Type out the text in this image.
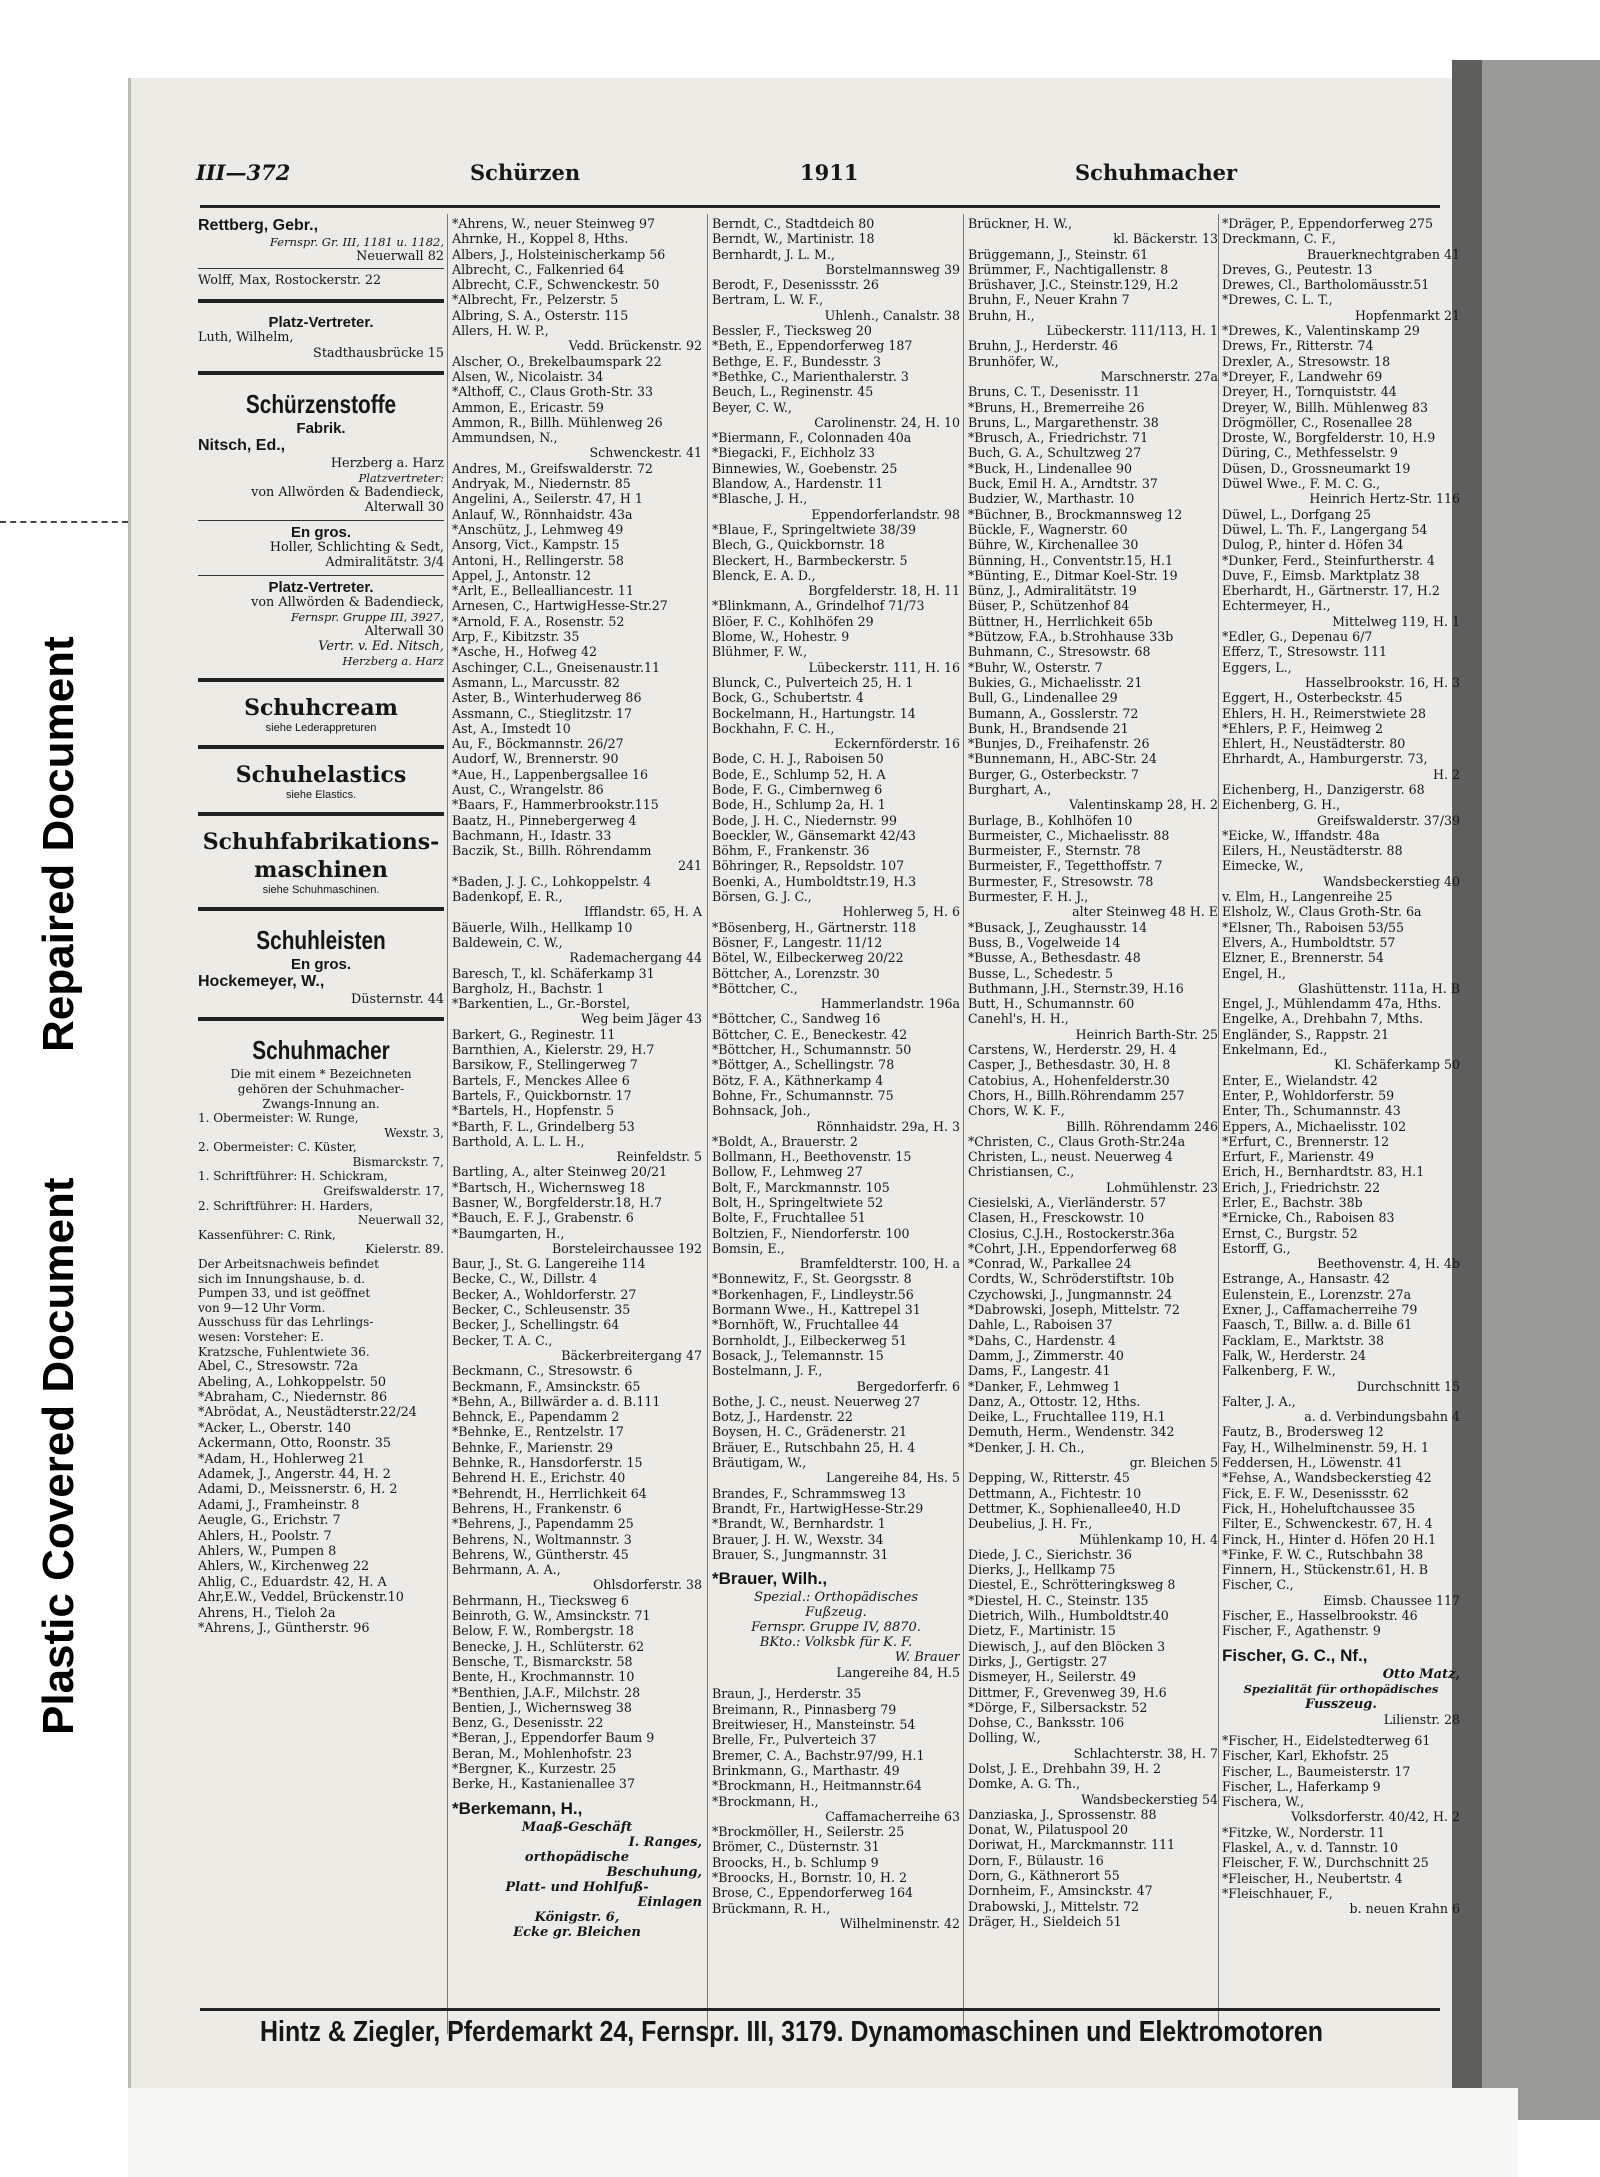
Repaired Document
Plastic Covered Document
III—372	Schürzen	1911	Schuhmacher
Rettberg, Gebr.,
Fernspr. Gr. III, 1181 u. 1182,
Neuerwall 82
Wolff, Max, Rostockerstr. 22
Platz-Vertreter.
Luth, Wilhelm,
Stadthausbrücke 15
Schürzenstoffe
Fabrik.
Nitsch, Ed.,
Herzberg a. Harz
Platzvertreter:
von Allwörden & Badendieck,
Alterwall 30
En gros.
Holler, Schlichting & Sedt,
Admiralitätstr. 3/4
Platz-Vertreter.
von Allwörden & Badendieck,
Fernspr. Gruppe III, 3927,
Alterwall 30
Vertr. v. Ed. Nitsch,
Herzberg a. Harz
Schuhcream
siehe Lederappreturen
Schuhelastics
siehe Elastics.
Schuhfabrikations-
maschinen
siehe Schuhmaschinen.
Schuhleisten
En gros.
Hockemeyer, W.,
Düsternstr. 44
Schuhmacher
Die mit einem * Bezeichneten
gehören der Schuhmacher-
Zwangs-Innung an.
1. Obermeister: W. Runge,
Wexstr. 3,
2. Obermeister: C. Küster,
Bismarckstr. 7,
1. Schriftführer: H. Schickram,
Greifswalderstr. 17,
2. Schriftführer: H. Harders,
Neuerwall 32,
Kassenführer: C. Rink,
Kielerstr. 89.
Der Arbeitsnachweis befindet
sich im Innungshause, b. d.
Pumpen 33, und ist geöffnet
von 9—12 Uhr Vorm.
Ausschuss für das Lehrlings-
wesen: Vorsteher: E.
Kratzsche, Fuhlentwiete 36.
Abel, C., Stresowstr. 72a
Abeling, A., Lohkoppelstr. 50
*Abraham, C., Niedernstr. 86
*Abrödat, A., Neustädterstr.22/24
*Acker, L., Oberstr. 140
Ackermann, Otto, Roonstr. 35
*Adam, H., Hohlerweg 21
Adamek, J., Angerstr. 44, H. 2
Adami, D., Meissnerstr. 6, H. 2
Adami, J., Framheinstr. 8
Aeugle, G., Erichstr. 7
Ahlers, H., Poolstr. 7
Ahlers, W., Pumpen 8
Ahlers, W., Kirchenweg 22
Ahlig, C., Eduardstr. 42, H. A
Ahr,E.W., Veddel, Brückenstr.10
Ahrens, H., Tieloh 2a
*Ahrens, J., Güntherstr. 96
*Ahrens, W., neuer Steinweg 97
Ahrnke, H., Koppel 8, Hths.
Albers, J., Holsteinischerkamp 56
Albrecht, C., Falkenried 64
Albrecht, C.F., Schwenckestr. 50
*Albrecht, Fr., Pelzerstr. 5
Albring, S. A., Osterstr. 115
Allers, H. W. P.,
Vedd. Brückenstr. 92
Alscher, O., Brekelbaumspark 22
Alsen, W., Nicolaistr. 34
*Althoff, C., Claus Groth-Str. 33
Ammon, E., Ericastr. 59
Ammon, R., Billh. Mühlenweg 26
Ammundsen, N.,
Schwenckestr. 41
Andres, M., Greifswalderstr. 72
Andryak, M., Niedernstr. 85
Angelini, A., Seilerstr. 47, H 1
Anlauf, W., Rönnhaidstr. 43a
*Anschütz, J., Lehmweg 49
Ansorg, Vict., Kampstr. 15
Antoni, H., Rellingerstr. 58
Appel, J., Antonstr. 12
*Arlt, E., Bellealliancestr. 11
Arnesen, C., HartwigHesse-Str.27
*Arnold, F. A., Rosenstr. 52
Arp, F., Kibitzstr. 35
*Asche, H., Hofweg 42
Aschinger, C.L., Gneisenaustr.11
Asmann, L., Marcusstr. 82
Aster, B., Winterhuderweg 86
Assmann, C., Stieglitzstr. 17
Ast, A., Imstedt 10
Au, F., Böckmannstr. 26/27
Audorf, W., Brennerstr. 90
*Aue, H., Lappenbergsallee 16
Aust, C., Wrangelstr. 86
*Baars, F., Hammerbrookstr.115
Baatz, H., Pinnebergerweg 4
Bachmann, H., Idastr. 33
Baczik, St., Billh. Röhrendamm
241
*Baden, J. J. C., Lohkoppelstr. 4
Badenkopf, E. R.,
Ifflandstr. 65, H. A
Bäuerle, Wilh., Hellkamp 10
Baldewein, C. W.,
Rademachergang 44
Baresch, T., kl. Schäferkamp 31
Bargholz, H., Bachstr. 1
*Barkentien, L., Gr.-Borstel,
Weg beim Jäger 43
Barkert, G., Reginestr. 11
Barnthien, A., Kielerstr. 29, H.7
Barsikow, F., Stellingerweg 7
Bartels, F., Menckes Allee 6
Bartels, F., Quickbornstr. 17
*Bartels, H., Hopfenstr. 5
*Barth, F. L., Grindelberg 53
Barthold, A. L. L. H.,
Reinfeldstr. 5
Bartling, A., alter Steinweg 20/21
*Bartsch, H., Wichernsweg 18
Basner, W., Borgfelderstr.18, H.7
*Bauch, E. F. J., Grabenstr. 6
*Baumgarten, H.,
Borsteleirchaussee 192
Baur, J., St. G. Langereihe 114
Becke, C., W., Dillstr. 4
Becker, A., Wohldorferstr. 27
Becker, C., Schleusenstr. 35
Becker, J., Schellingstr. 64
Becker, T. A. C.,
Bäckerbreitergang 47
Beckmann, C., Stresowstr. 6
Beckmann, F., Amsinckstr. 65
*Behn, A., Billwärder a. d. B.111
Behnck, E., Papendamm 2
*Behnke, E., Rentzelstr. 17
Behnke, F., Marienstr. 29
Behnke, R., Hansdorferstr. 15
Behrend H. E., Erichstr. 40
*Behrendt, H., Herrlichkeit 64
Behrens, H., Frankenstr. 6
*Behrens, J., Papendamm 25
Behrens, N., Woltmannstr. 3
Behrens, W., Güntherstr. 45
Behrmann, A. A.,
Ohlsdorferstr. 38
Behrmann, H., Tiecksweg 6
Beinroth, G. W., Amsinckstr. 71
Below, F. W., Rombergstr. 18
Benecke, J. H., Schlüterstr. 62
Bensche, T., Bismarckstr. 58
Bente, H., Krochmannstr. 10
*Benthien, J.A.F., Milchstr. 28
Bentien, J., Wichernsweg 38
Benz, G., Desenisstr. 22
*Beran, J., Eppendorfer Baum 9
Beran, M., Mohlenhofstr. 23
*Bergner, K., Kurzestr. 25
Berke, H., Kastanienallee 37
*Berkemann, H.,
Maaß-Geschäft
I. Ranges,
orthopädische
Beschuhung,
Platt- und Hohlfuß-
Einlagen
Königstr. 6,
Ecke gr. Bleichen
Berndt, C., Stadtdeich 80
Berndt, W., Martinistr. 18
Bernhardt, J. L. M.,
Borstelmannsweg 39
Berodt, F., Desenissstr. 26
Bertram, L. W. F.,
Uhlenh., Canalstr. 38
Bessler, F., Tiecksweg 20
*Beth, E., Eppendorferweg 187
Bethge, E. F., Bundesstr. 3
*Bethke, C., Marienthalerstr. 3
Beuch, L., Reginenstr. 45
Beyer, C. W.,
Carolinenstr. 24, H. 10
*Biermann, F., Colonnaden 40a
*Biegacki, F., Eichholz 33
Binnewies, W., Goebenstr. 25
Blandow, A., Hardenstr. 11
*Blasche, J. H.,
Eppendorferlandstr. 98
*Blaue, F., Springeltwiete 38/39
Blech, G., Quickbornstr. 18
Bleckert, H., Barmbeckerstr. 5
Blenck, E. A. D.,
Borgfelderstr. 18, H. 11
*Blinkmann, A., Grindelhof 71/73
Blöer, F. C., Kohlhöfen 29
Blome, W., Hohestr. 9
Blühmer, F. W.,
Lübeckerstr. 111, H. 16
Blunck, C., Pulverteich 25, H. 1
Bock, G., Schubertstr. 4
Bockelmann, H., Hartungstr. 14
Bockhahn, F. C. H.,
Eckernförderstr. 16
Bode, C. H. J., Raboisen 50
Bode, E., Schlump 52, H. A
Bode, F. G., Cimbernweg 6
Bode, H., Schlump 2a, H. 1
Bode, J. H. C., Niedernstr. 99
Boeckler, W., Gänsemarkt 42/43
Böhm, F., Frankenstr. 36
Böhringer, R., Repsoldstr. 107
Boenki, A., Humboldtstr.19, H.3
Börsen, G. J. C.,
Hohlerweg 5, H. 6
*Bösenberg, H., Gärtnerstr. 118
Bösner, F., Langestr. 11/12
Bötel, W., Eilbeckerweg 20/22
Böttcher, A., Lorenzstr. 30
*Böttcher, C.,
Hammerlandstr. 196a
*Böttcher, C., Sandweg 16
Böttcher, C. E., Beneckestr. 42
*Böttcher, H., Schumannstr. 50
*Böttger, A., Schellingstr. 78
Bötz, F. A., Käthnerkamp 4
Bohne, Fr., Schumannstr. 75
Bohnsack, Joh.,
Rönnhaidstr. 29a, H. 3
*Boldt, A., Brauerstr. 2
Bollmann, H., Beethovenstr. 15
Bollow, F., Lehmweg 27
Bolt, F., Marckmannstr. 105
Bolt, H., Springeltwiete 52
Bolte, F., Fruchtallee 51
Boltzien, F., Niendorferstr. 100
Bomsin, E.,
Bramfeldterstr. 100, H. a
*Bonnewitz, F., St. Georgsstr. 8
*Borkenhagen, F., Lindleystr.56
Bormann Wwe., H., Kattrepel 31
*Bornhöft, W., Fruchtallee 44
Bornholdt, J., Eilbeckerweg 51
Bosack, J., Telemannstr. 15
Bostelmann, J. F.,
Bergedorferfr. 6
Bothe, J. C., neust. Neuerweg 27
Botz, J., Hardenstr. 22
Boysen, H. C., Grädenerstr. 21
Bräuer, E., Rutschbahn 25, H. 4
Bräutigam, W.,
Langereihe 84, Hs. 5
Brandes, F., Schrammsweg 13
Brandt, Fr., HartwigHesse-Str.29
*Brandt, W., Bernhardstr. 1
Brauer, J. H. W., Wexstr. 34
Brauer, S., Jungmannstr. 31
*Brauer, Wilh.,
Spezial.: Orthopädisches
Fußzeug.
Fernspr. Gruppe IV, 8870.
BKto.: Volksbk für K. F.
W. Brauer
Langereihe 84, H.5
Braun, J., Herderstr. 35
Breimann, R., Pinnasberg 79
Breitwieser, H., Mansteinstr. 54
Brelle, Fr., Pulverteich 37
Bremer, C. A., Bachstr.97/99, H.1
Brinkmann, G., Marthastr. 49
*Brockmann, H., Heitmannstr.64
*Brockmann, H.,
Caffamacherreihe 63
*Brockmöller, H., Seilerstr. 25
Brömer, C., Düsternstr. 31
Broocks, H., b. Schlump 9
*Broocks, H., Bornstr. 10, H. 2
Brose, C., Eppendorferweg 164
Brückmann, R. H.,
Wilhelminenstr. 42
Brückner, H. W.,
kl. Bäckerstr. 13
Brüggemann, J., Steinstr. 61
Brümmer, F., Nachtigallenstr. 8
Brüshaver, J.C., Steinstr.129, H.2
Bruhn, F., Neuer Krahn 7
Bruhn, H.,
Lübeckerstr. 111/113, H. 1
Bruhn, J., Herderstr. 46
Brunhöfer, W.,
Marschnerstr. 27a
Bruns, C. T., Desenisstr. 11
*Bruns, H., Bremerreihe 26
Bruns, L., Margarethenstr. 38
*Brusch, A., Friedrichstr. 71
Buch, G. A., Schultzweg 27
*Buck, H., Lindenallee 90
Buck, Emil H. A., Arndtstr. 37
Budzier, W., Marthastr. 10
*Büchner, B., Brockmannsweg 12
Bückle, F., Wagnerstr. 60
Bühre, W., Kirchenallee 30
Bünning, H., Conventstr.15, H.1
*Bünting, E., Ditmar Koel-Str. 19
Bünz, J., Admiralitätstr. 19
Büser, P., Schützenhof 84
Büttner, H., Herrlichkeit 65b
*Bützow, F.A., b.Strohhause 33b
Buhmann, C., Stresowstr. 68
*Buhr, W., Osterstr. 7
Bukies, G., Michaelisstr. 21
Bull, G., Lindenallee 29
Bumann, A., Gosslerstr. 72
Bunk, H., Brandsende 21
*Bunjes, D., Freihafenstr. 26
*Bunnemann, H., ABC-Str. 24
Burger, G., Osterbeckstr. 7
Burghart, A.,
Valentinskamp 28, H. 2
Burlage, B., Kohlhöfen 10
Burmeister, C., Michaelisstr. 88
Burmeister, F., Sternstr. 78
Burmeister, F., Tegetthoffstr. 7
Burmester, F., Stresowstr. 78
Burmester, F. H. J.,
alter Steinweg 48 H. E
*Busack, J., Zeughausstr. 14
Buss, B., Vogelweide 14
*Busse, A., Bethesdastr. 48
Busse, L., Schedestr. 5
Buthmann, J.H., Sternstr.39, H.16
Butt, H., Schumannstr. 60
Canehl's, H. H.,
Heinrich Barth-Str. 25
Carstens, W., Herderstr. 29, H. 4
Casper, J., Bethesdastr. 30, H. 8
Catobius, A., Hohenfelderstr.30
Chors, H., Billh.Röhrendamm 257
Chors, W. K. F.,
Billh. Röhrendamm 246
*Christen, C., Claus Groth-Str.24a
Christen, L., neust. Neuerweg 4
Christiansen, C.,
Lohmühlenstr. 23
Ciesielski, A., Vierländerstr. 57
Clasen, H., Fresckowstr. 10
Closius, C.J.H., Rostockerstr.36a
*Cohrt, J.H., Eppendorferweg 68
*Conrad, W., Parkallee 24
Cordts, W., Schröderstiftstr. 10b
Czychowski, J., Jungmannstr. 24
*Dabrowski, Joseph, Mittelstr. 72
Dahle, L., Raboisen 37
*Dahs, C., Hardenstr. 4
Damm, J., Zimmerstr. 40
Dams, F., Langestr. 41
*Danker, F., Lehmweg 1
Danz, A., Ottostr. 12, Hths.
Deike, L., Fruchtallee 119, H.1
Demuth, Herm., Wendenstr. 342
*Denker, J. H. Ch.,
gr. Bleichen 5
Depping, W., Ritterstr. 45
Dettmann, A., Fichtestr. 10
Dettmer, K., Sophienallee40, H.D
Deubelius, J. H. Fr.,
Mühlenkamp 10, H. 4
Diede, J. C., Sierichstr. 36
Dierks, J., Hellkamp 75
Diestel, E., Schrötteringksweg 8
*Diestel, H. C., Steinstr. 135
Dietrich, Wilh., Humboldtstr.40
Dietz, F., Martinistr. 15
Diewisch, J., auf den Blöcken 3
Dirks, J., Gertigstr. 27
Dismeyer, H., Seilerstr. 49
Dittmer, F., Grevenweg 39, H.6
*Dörge, F., Silbersackstr. 52
Dohse, C., Banksstr. 106
Dolling, W.,
Schlachterstr. 38, H. 7
Dolst, J. E., Drehbahn 39, H. 2
Domke, A. G. Th.,
Wandsbeckerstieg 54
Danziaska, J., Sprossenstr. 88
Donat, W., Pilatuspool 20
Doriwat, H., Marckmannstr. 111
Dorn, F., Bülaustr. 16
Dorn, G., Käthnerort 55
Dornheim, F., Amsinckstr. 47
Drabowski, J., Mittelstr. 72
Dräger, H., Sieldeich 51
*Dräger, P., Eppendorferweg 275
Dreckmann, C. F.,
Brauerknechtgraben 41
Dreves, G., Peutestr. 13
Drewes, Cl., Bartholomäusstr.51
*Drewes, C. L. T.,
Hopfenmarkt 21
*Drewes, K., Valentinskamp 29
Drews, Fr., Ritterstr. 74
Drexler, A., Stresowstr. 18
*Dreyer, F., Landwehr 69
Dreyer, H., Tornquiststr. 44
Dreyer, W., Billh. Mühlenweg 83
Drögmöller, C., Rosenallee 28
Droste, W., Borgfelderstr. 10, H.9
Düring, C., Methfesselstr. 9
Düsen, D., Grossneumarkt 19
Düwel Wwe., F. M. C. G.,
Heinrich Hertz-Str. 116
Düwel, L., Dorfgang 25
Düwel, L. Th. F., Langergang 54
Dulog, P., hinter d. Höfen 34
*Dunker, Ferd., Steinfurtherstr. 4
Duve, F., Eimsb. Marktplatz 38
Eberhardt, H., Gärtnerstr. 17, H.2
Echtermeyer, H.,
Mittelweg 119, H. 1
*Edler, G., Depenau 6/7
Efferz, T., Stresowstr. 111
Eggers, L.,
Hasselbrookstr. 16, H. 3
Eggert, H., Osterbeckstr. 45
Ehlers, H. H., Reimerstwiete 28
*Ehlers, P. F., Heimweg 2
Ehlert, H., Neustädterstr. 80
Ehrhardt, A., Hamburgerstr. 73,
H. 2
Eichenberg, H., Danzigerstr. 68
Eichenberg, G. H.,
Greifswalderstr. 37/39
*Eicke, W., Iffandstr. 48a
Eilers, H., Neustädterstr. 88
Eimecke, W.,
Wandsbeckerstieg 40
v. Elm, H., Langenreihe 25
Elsholz, W., Claus Groth-Str. 6a
*Elsner, Th., Raboisen 53/55
Elvers, A., Humboldtstr. 57
Elzner, E., Brennerstr. 54
Engel, H.,
Glashüttenstr. 111a, H. B
Engel, J., Mühlendamm 47a, Hths.
Engelke, A., Drehbahn 7, Mths.
Engländer, S., Rappstr. 21
Enkelmann, Ed.,
Kl. Schäferkamp 50
Enter, E., Wielandstr. 42
Enter, P., Wohldorferstr. 59
Enter, Th., Schumannstr. 43
Eppers, A., Michaelisstr. 102
*Erfurt, C., Brennerstr. 12
Erfurt, F., Marienstr. 49
Erich, H., Bernhardtstr. 83, H.1
Erich, J., Friedrichstr. 22
Erler, E., Bachstr. 38b
*Ernicke, Ch., Raboisen 83
Ernst, C., Burgstr. 52
Estorff, G.,
Beethovenstr. 4, H. 4b
Estrange, A., Hansastr. 42
Eulenstein, E., Lorenzstr. 27a
Exner, J., Caffamacherreihe 79
Faasch, T., Billw. a. d. Bille 61
Facklam, E., Marktstr. 38
Falk, W., Herderstr. 24
Falkenberg, F. W.,
Durchschnitt 15
Falter, J. A.,
a. d. Verbindungsbahn 4
Fautz, B., Brodersweg 12
Fay, H., Wilhelminenstr. 59, H. 1
Feddersen, H., Löwenstr. 41
*Fehse, A., Wandsbeckerstieg 42
Fick, E. F. W., Desenissstr. 62
Fick, H., Hoheluftchaussee 35
Filter, E., Schwenckestr. 67, H. 4
Finck, H., Hinter d. Höfen 20 H.1
*Finke, F. W. C., Rutschbahn 38
Finnern, H., Stückenstr.61, H. B
Fischer, C.,
Eimsb. Chaussee 117
Fischer, E., Hasselbrookstr. 46
Fischer, F., Agathenstr. 9
Fischer, G. C., Nf.,
Otto Matz,
Spezialität für orthopädisches
Fusszeug.
Lilienstr. 28
*Fischer, H., Eidelstedterweg 61
Fischer, Karl, Ekhofstr. 25
Fischer, L., Baumeisterstr. 17
Fischer, L., Haferkamp 9
Fischera, W.,
Volksdorferstr. 40/42, H. 2
*Fitzke, W., Norderstr. 11
Flaskel, A., v. d. Tannstr. 10
Fleischer, F. W., Durchschnitt 25
*Fleischer, H., Neubertstr. 4
*Fleischhauer, F.,
b. neuen Krahn 6
Hintz & Ziegler, Pferdemarkt 24, Fernspr. III, 3179. Dynamomaschinen und Elektromotoren
